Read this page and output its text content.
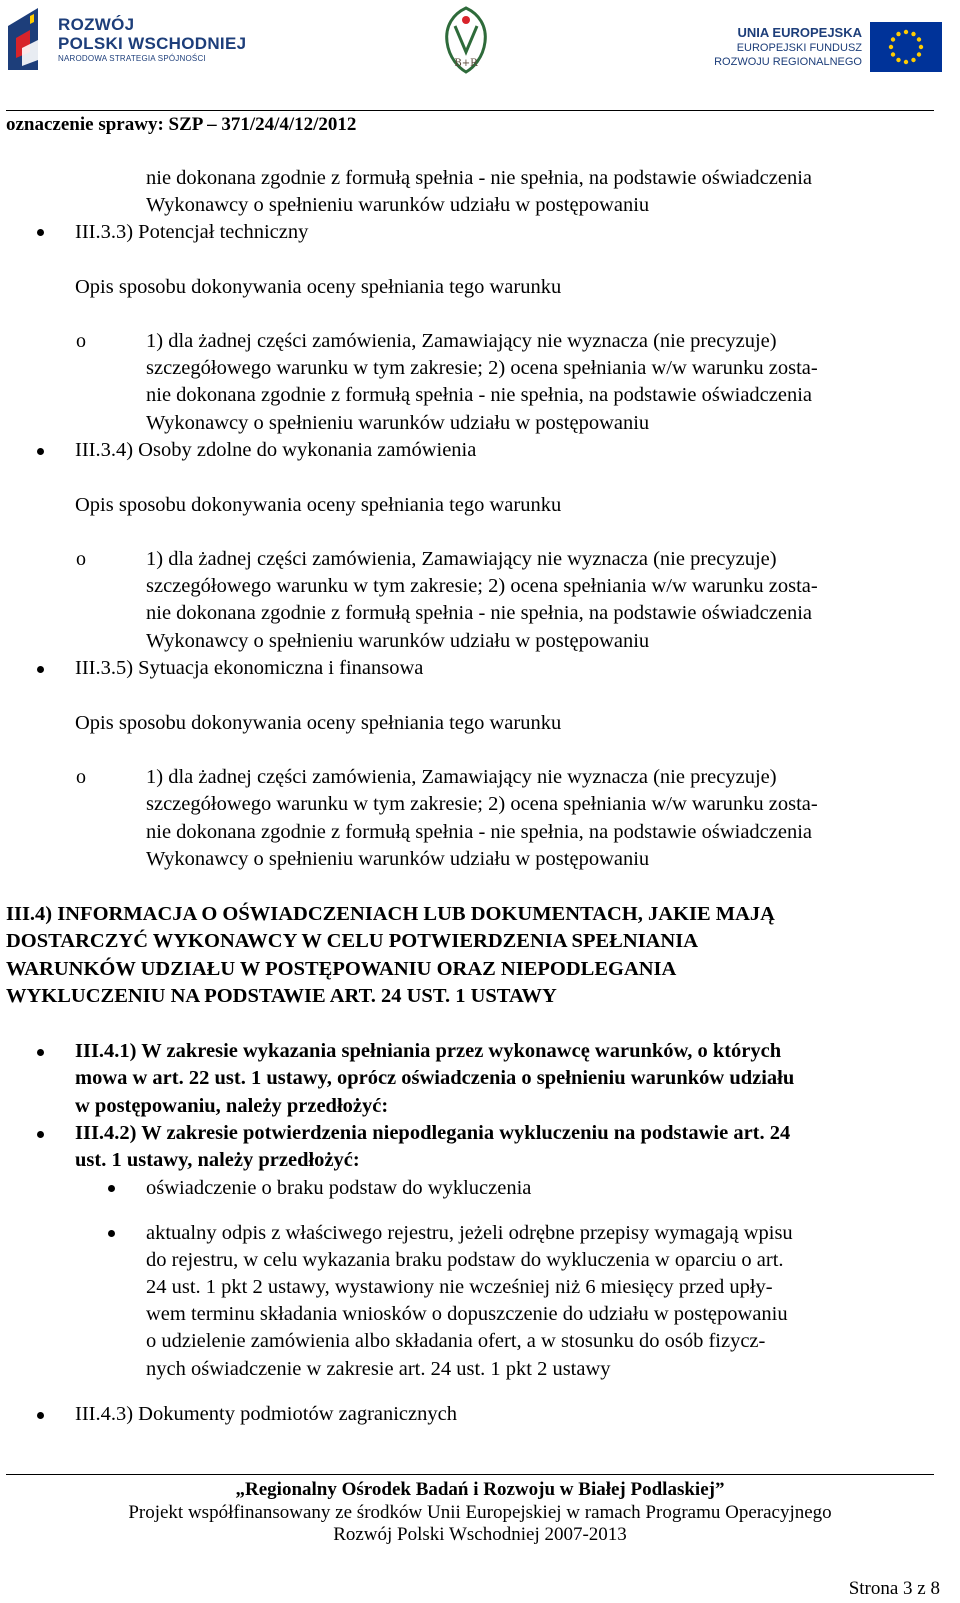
ROZWÓJ
POLSKI WSCHODNIEJ
NARODOWA STRATEGIA SPÓJNOŚCI	B+R
UNIA EUROPEJSKA
EUROPEJSKI FUNDUSZ
ROZWOJU REGIONALNEGO
oznaczenie sprawy: SZP – 371/24/4/12/2012
nie dokonana zgodnie z formułą spełnia - nie spełnia, na podstawie oświadczenia
Wykonawcy o spełnieniu warunków udziału w postępowaniu
III.3.3) Potencjał techniczny
Opis sposobu dokonywania oceny spełniania tego warunku
o	1) dla żadnej części zamówienia, Zamawiający nie wyznacza (nie precyzuje)
szczegółowego warunku w tym zakresie; 2) ocena spełniania w/w warunku zosta-
nie dokonana zgodnie z formułą spełnia - nie spełnia, na podstawie oświadczenia
Wykonawcy o spełnieniu warunków udziału w postępowaniu
III.3.4) Osoby zdolne do wykonania zamówienia
Opis sposobu dokonywania oceny spełniania tego warunku
o	1) dla żadnej części zamówienia, Zamawiający nie wyznacza (nie precyzuje)
szczegółowego warunku w tym zakresie; 2) ocena spełniania w/w warunku zosta-
nie dokonana zgodnie z formułą spełnia - nie spełnia, na podstawie oświadczenia
Wykonawcy o spełnieniu warunków udziału w postępowaniu
III.3.5) Sytuacja ekonomiczna i finansowa
Opis sposobu dokonywania oceny spełniania tego warunku
o	1) dla żadnej części zamówienia, Zamawiający nie wyznacza (nie precyzuje)
szczegółowego warunku w tym zakresie; 2) ocena spełniania w/w warunku zosta-
nie dokonana zgodnie z formułą spełnia - nie spełnia, na podstawie oświadczenia
Wykonawcy o spełnieniu warunków udziału w postępowaniu
III.4) INFORMACJA O OŚWIADCZENIACH LUB DOKUMENTACH, JAKIE MAJĄ
DOSTARCZYĆ WYKONAWCY W CELU POTWIERDZENIA SPEŁNIANIA
WARUNKÓW UDZIAŁU W POSTĘPOWANIU ORAZ NIEPODLEGANIA
WYKLUCZENIU NA PODSTAWIE ART. 24 UST. 1 USTAWY
III.4.1) W zakresie wykazania spełniania przez wykonawcę warunków, o których
mowa w art. 22 ust. 1 ustawy, oprócz oświadczenia o spełnieniu warunków udziału
w postępowaniu, należy przedłożyć:
III.4.2) W zakresie potwierdzenia niepodlegania wykluczeniu na podstawie art. 24
ust. 1 ustawy, należy przedłożyć:
oświadczenie o braku podstaw do wykluczenia
aktualny odpis z właściwego rejestru, jeżeli odrębne przepisy wymagają wpisu
do rejestru, w celu wykazania braku podstaw do wykluczenia w oparciu o art.
24 ust. 1 pkt 2 ustawy, wystawiony nie wcześniej niż 6 miesięcy przed upły-
wem terminu składania wniosków o dopuszczenie do udziału w postępowaniu
o udzielenie zamówienia albo składania ofert, a w stosunku do osób fizycz-
nych oświadczenie w zakresie art. 24 ust. 1 pkt 2 ustawy
III.4.3) Dokumenty podmiotów zagranicznych
„Regionalny Ośrodek Badań i Rozwoju w Białej Podlaskiej”
Projekt współfinansowany ze środków Unii Europejskiej w ramach Programu Operacyjnego
Rozwój Polski Wschodniej 2007-2013
Strona 3 z 8
